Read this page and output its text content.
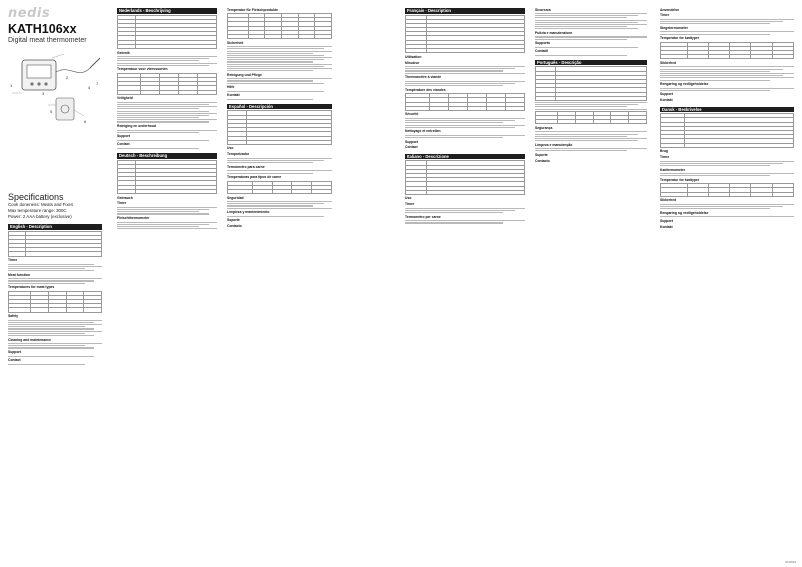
nedis
KATH106xx
Digital meat thermometer
Specifications
Cook doneness: Meats and Fixes
Max temperature range: 300C
Power: 2 AAA battery (exclusive)
1
2
3
4
5
6
7
English - Description

Timer
Meat function
Temperatures for meat types

Safety
Cleaning and maintenance
Support
Contact
Nederlands - Beschrijving

Gebruik
Temperatuur voor vleessoorten

Veiligheid
Reiniging en onderhoud
Support
Contact
Deutsch - Beschreibung

Gebrauch
Timer
Fleischthermometer
Temperatur für Fleischprodukte

Sicherheit
Reinigung und Pflege
Hilfe
Kontakt
Español - Descripción

Uso
Temporizador
Termómetro para carne
Temperaturas para tipos de carne

Seguridad
Limpieza y mantenimiento
Soporte
Contacto
Français - Description

Utilisation
Minuteur
Thermomètre à viande
Température des viandes

Sécurité
Nettoyage et entretien
Support
Contact
Italiano - Descrizione

Uso
Timer
Termometro per carne
Sicurezza
Pulizia e manutenzione
Supporto
Contatti
Português - Descrição

Segurança
Limpeza e manutenção
Suporte
Contacto
Anvendelse
Timer
Stegetermometer
Temperatur for kødtyper

Sikkerhed
Rengøring og vedligeholdelse
Support
Kontakt
Dansk - Beskrivelse

Brug
Timer
Kødtermometer
Temperatur for kødtyper

Sikkerhed
Rengøring og vedligeholdelse
Support
Kontakt
07/2019
